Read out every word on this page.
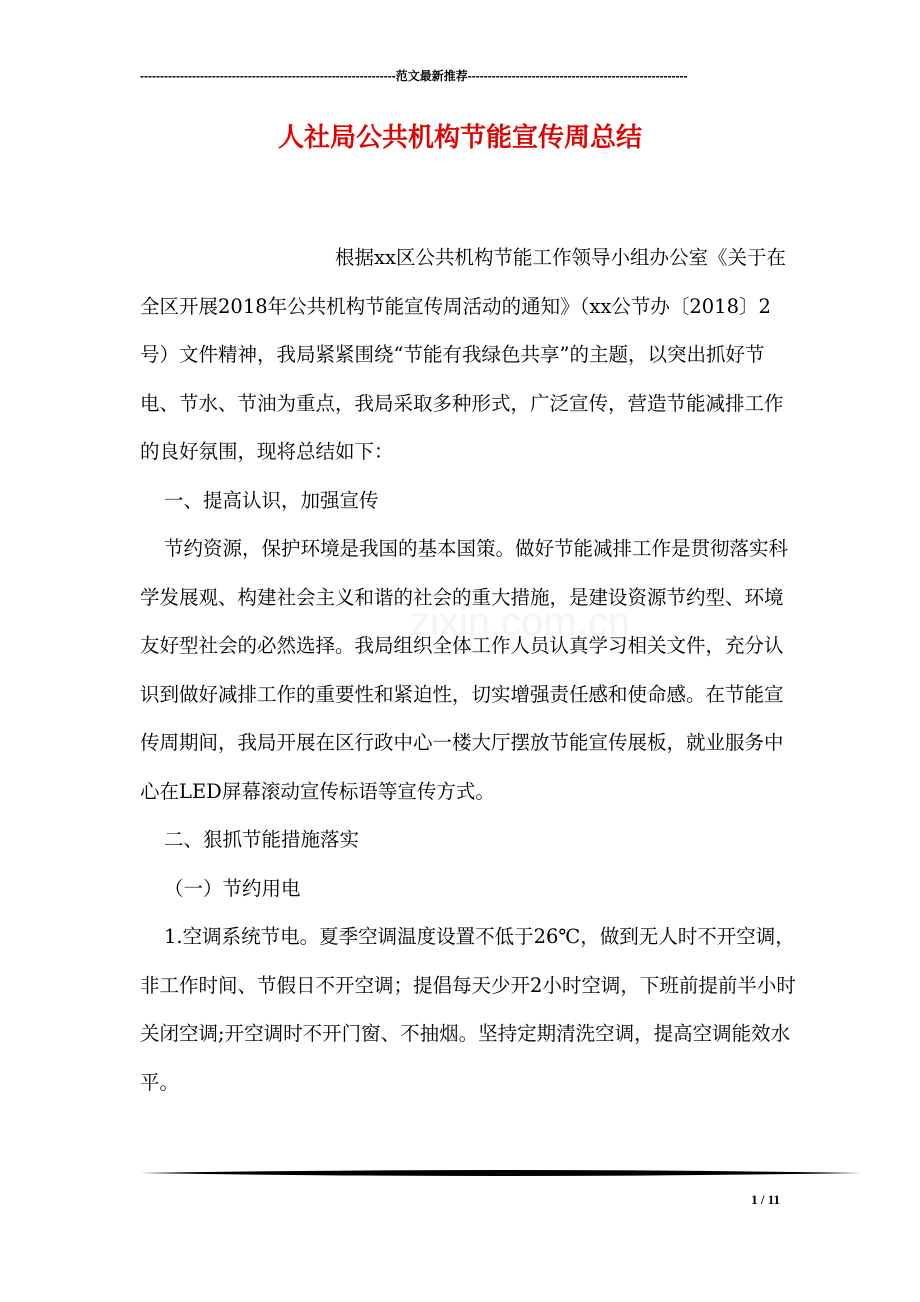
----------------------------------------------------------------范文最新推荐-------------------------------------------------------
人社局公共机构节能宣传周总结
zixin.com.cn

根据xx区公共机构节能工作领导小组办公室《关于在全区开展2018年公共机构节能宣传周活动的通知》（xx公节办〔2018〕2号）文件精神，我局紧紧围绕“节能有我绿色共享”的主题，以突出抓好节电、节水、节油为重点，我局采取多种形式，广泛宣传，营造节能减排工作的良好氛围，现将总结如下：

一、提高认识，加强宣传

节约资源，保护环境是我国的基本国策。做好节能减排工作是贯彻落实科学发展观、构建社会主义和谐的社会的重大措施，是建设资源节约型、环境友好型社会的必然选择。我局组织全体工作人员认真学习相关文件，充分认识到做好减排工作的重要性和紧迫性，切实增强责任感和使命感。在节能宣传周期间，我局开展在区行政中心一楼大厅摆放节能宣传展板，就业服务中心在LED屏幕滚动宣传标语等宣传方式。

二、狠抓节能措施落实

（一）节约用电

1.空调系统节电。夏季空调温度设置不低于26℃，做到无人时不开空调，非工作时间、节假日不开空调；提倡每天少开2小时空调，下班前提前半小时关闭空调;开空调时不开门窗、不抽烟。坚持定期清洗空调，提高空调能效水平。

1 / 11
